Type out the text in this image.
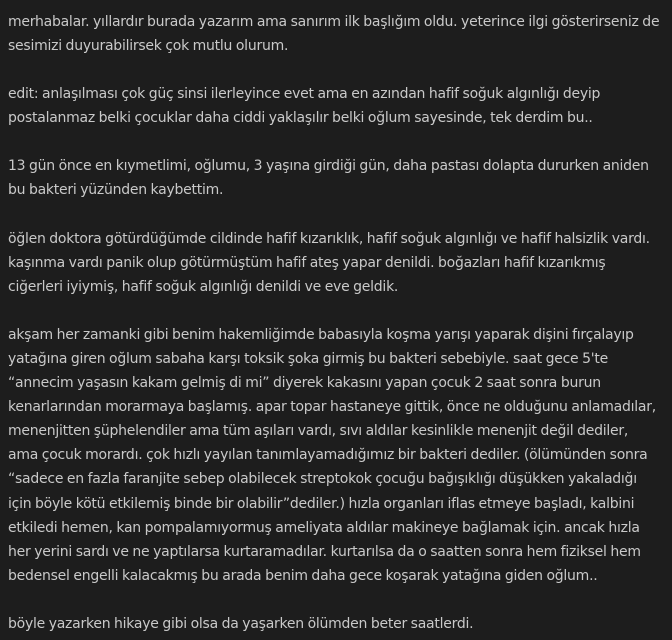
merhabalar. yıllardır burada yazarım ama sanırım ilk başlığım oldu. yeterince ilgi gösterirseniz de
sesimizi duyurabilirsek çok mutlu olurum.

edit: anlaşılması çok güç sinsi ilerleyince evet ama en azından hafif soğuk algınlığı deyip
postalanmaz belki çocuklar daha ciddi yaklaşılır belki oğlum sayesinde, tek derdim bu..

13 gün önce en kıymetlimi, oğlumu, 3 yaşına girdiği gün, daha pastası dolapta dururken aniden
bu bakteri yüzünden kaybettim.

öğlen doktora götürdüğümde cildinde hafif kızarıklık, hafif soğuk algınlığı ve hafif halsizlik vardı.
kaşınma vardı panik olup götürmüştüm hafif ateş yapar denildi. boğazları hafif kızarıkmış
ciğerleri iyiymiş, hafif soğuk algınlığı denildi ve eve geldik.

akşam her zamanki gibi benim hakemliğimde babasıyla koşma yarışı yaparak dişini fırçalayıp
yatağına giren oğlum sabaha karşı toksik şoka girmiş bu bakteri sebebiyle. saat gece 5'te
“annecim yaşasın kakam gelmiş di mi” diyerek kakasını yapan çocuk 2 saat sonra burun
kenarlarından morarmaya başlamış. apar topar hastaneye gittik, önce ne olduğunu anlamadılar,
menenjitten şüphelendiler ama tüm aşıları vardı, sıvı aldılar kesinlikle menenjit değil dediler,
ama çocuk morardı. çok hızlı yayılan tanımlayamadığımız bir bakteri dediler. (ölümünden sonra
“sadece en fazla faranjite sebep olabilecek streptokok çocuğu bağışıklığı düşükken yakaladığı
için böyle kötü etkilemiş binde bir olabilir”dediler.) hızla organları iflas etmeye başladı, kalbini
etkiledi hemen, kan pompalamıyormuş ameliyata aldılar makineye bağlamak için. ancak hızla
her yerini sardı ve ne yaptılarsa kurtaramadılar. kurtarılsa da o saatten sonra hem fiziksel hem
bedensel engelli kalacakmış bu arada benim daha gece koşarak yatağına giden oğlum..

böyle yazarken hikaye gibi olsa da yaşarken ölümden beter saatlerdi.
